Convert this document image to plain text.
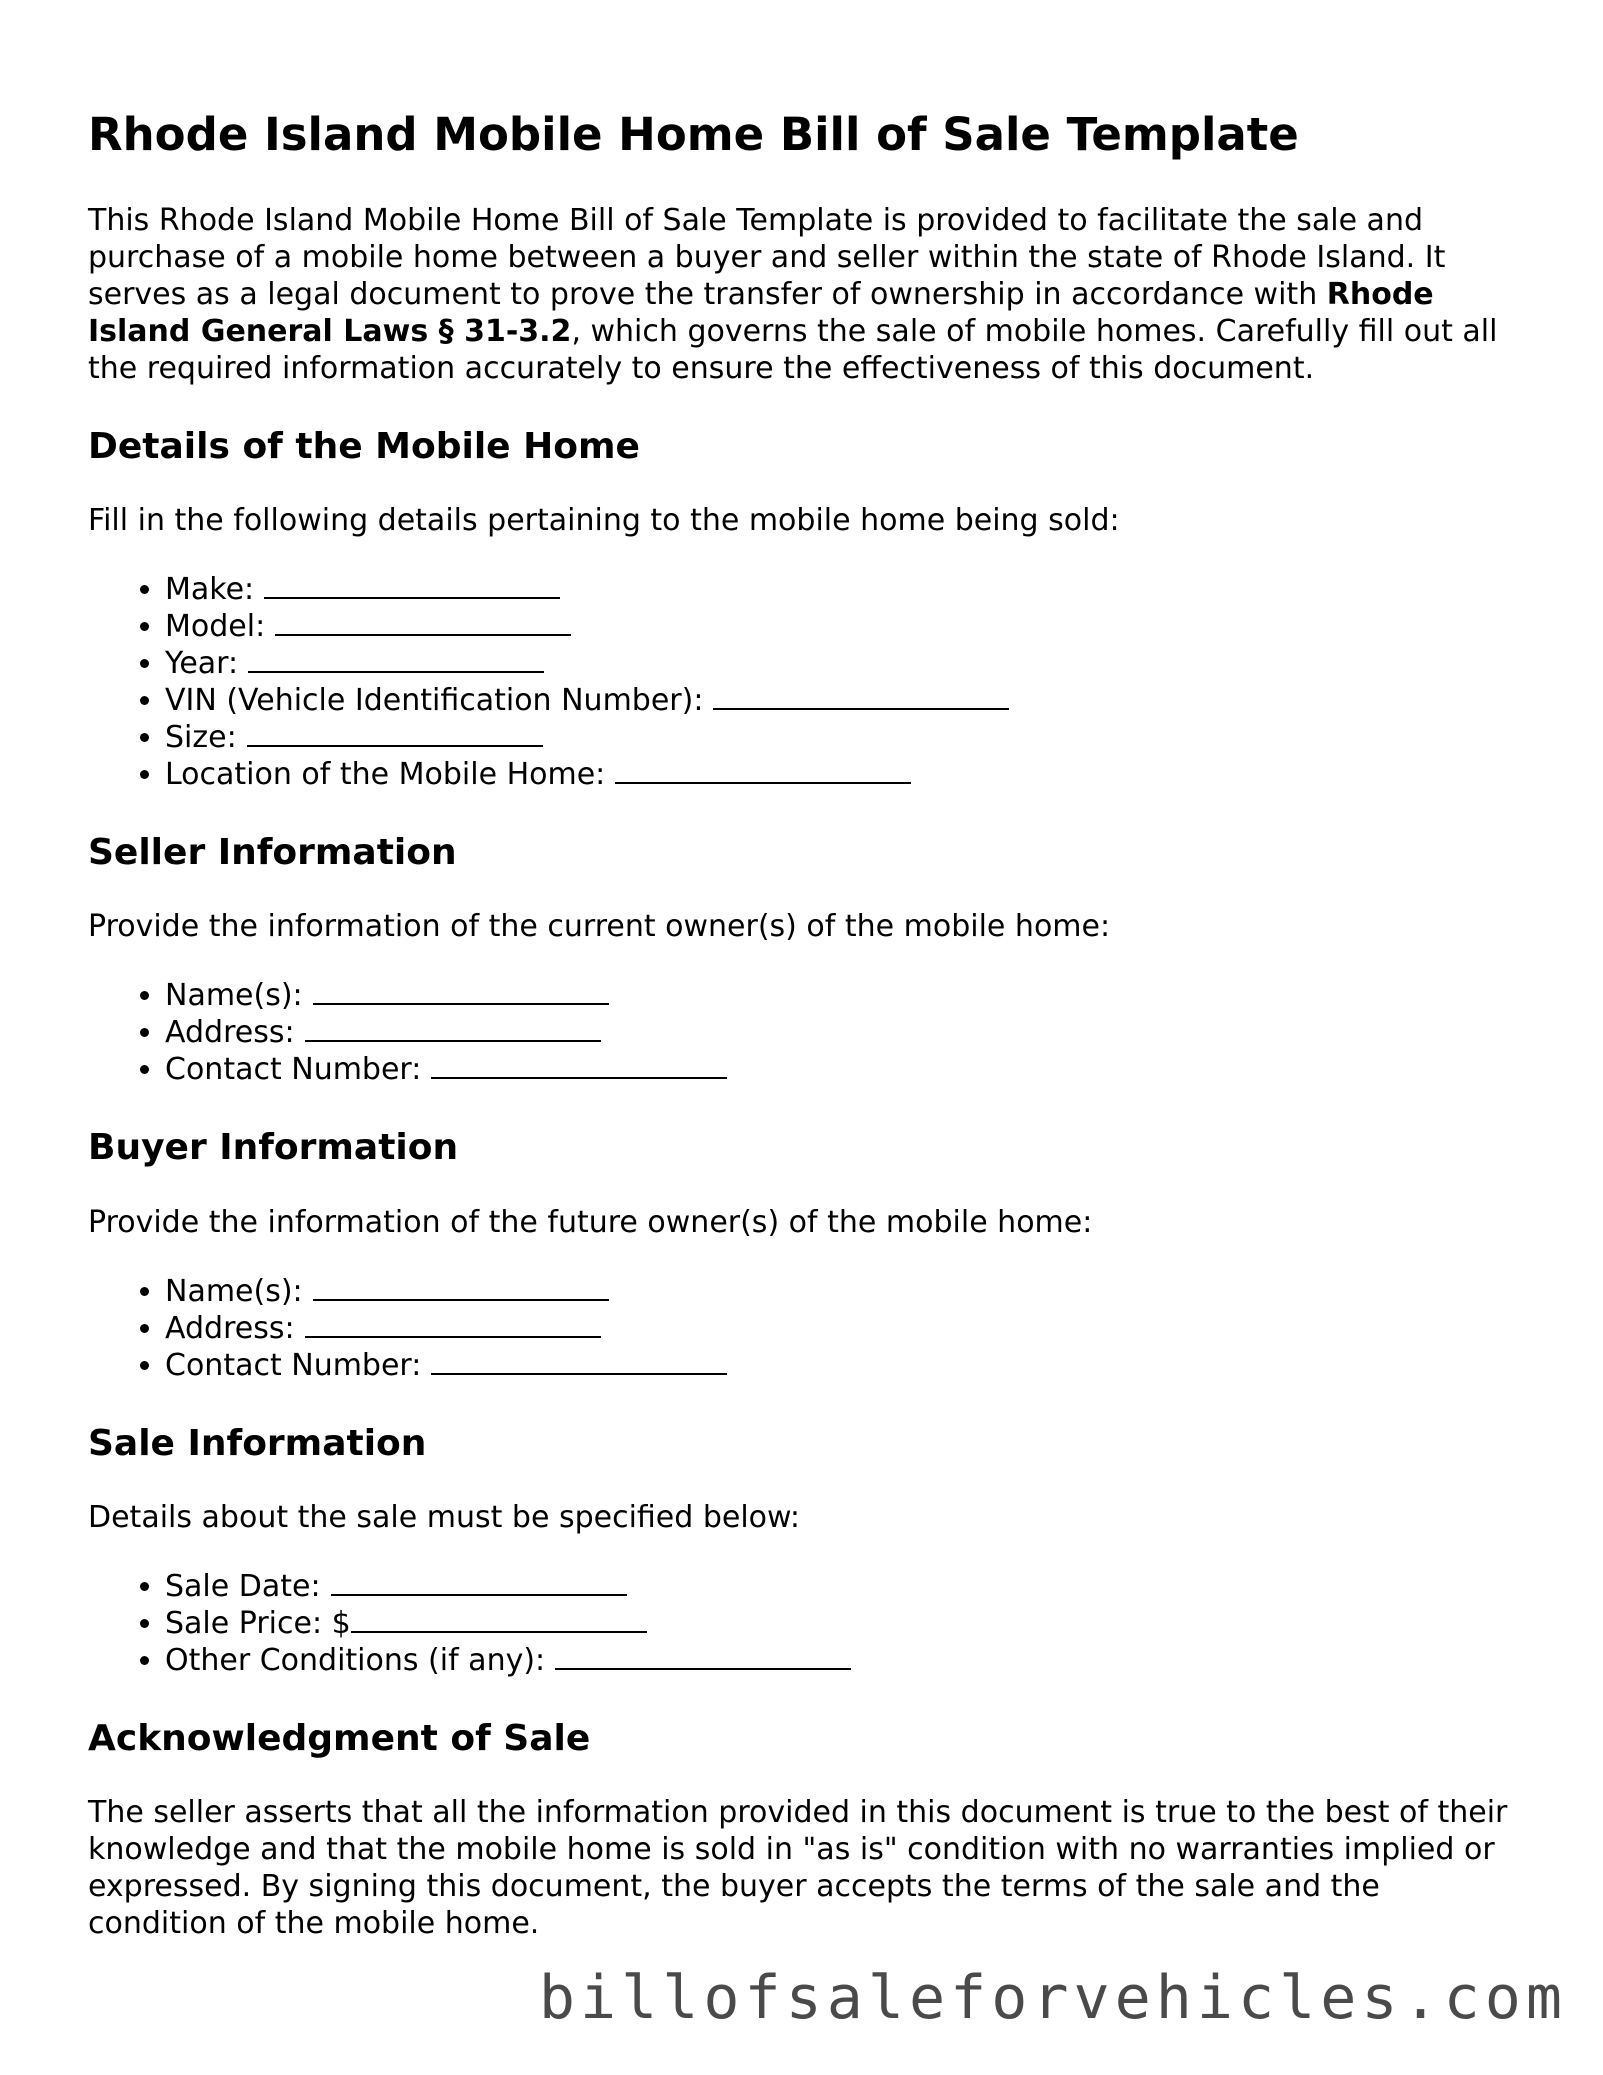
Rhode Island Mobile Home Bill of Sale Template

This Rhode Island Mobile Home Bill of Sale Template is provided to facilitate the sale and purchase of a mobile home between a buyer and seller within the state of Rhode Island. It serves as a legal document to prove the transfer of ownership in accordance with Rhode Island General Laws § 31-3.2, which governs the sale of mobile homes. Carefully fill out all the required information accurately to ensure the effectiveness of this document.

Details of the Mobile Home

Fill in the following details pertaining to the mobile home being sold:

• Make:
• Model:
• Year:
• VIN (Vehicle Identification Number):
• Size:
• Location of the Mobile Home:
Seller Information

Provide the information of the current owner(s) of the mobile home:

• Name(s):
• Address:
• Contact Number:
Buyer Information

Provide the information of the future owner(s) of the mobile home:

• Name(s):
• Address:
• Contact Number:
Sale Information

Details about the sale must be specified below:

• Sale Date:
• Sale Price: $
• Other Conditions (if any):
Acknowledgment of Sale

The seller asserts that all the information provided in this document is true to the best of their knowledge and that the mobile home is sold in "as is" condition with no warranties implied or expressed. By signing this document, the buyer accepts the terms of the sale and the condition of the mobile home.

billofsaleforvehicles.com
